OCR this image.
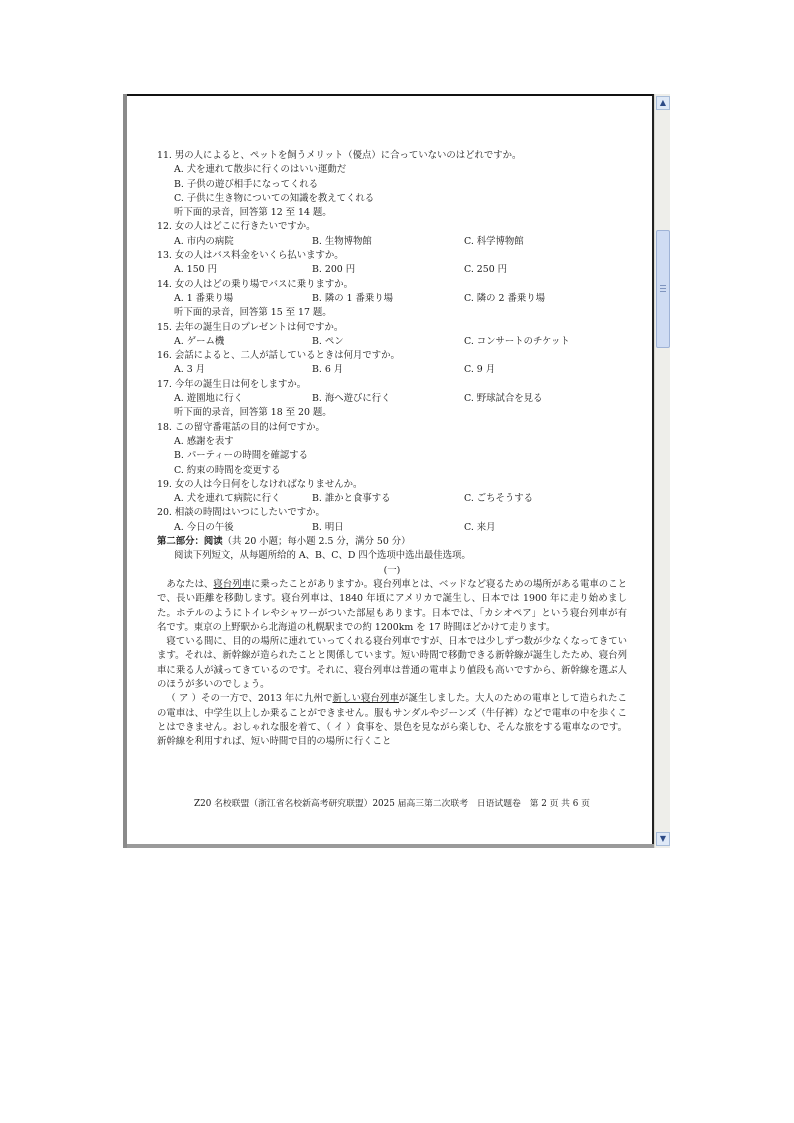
11. 男の人によると、ペットを飼うメリット（優点）に合っていないのはどれですか。
A. 犬を連れて散歩に行くのはいい運動だ
B. 子供の遊び相手になってくれる
C. 子供に生き物についての知識を教えてくれる
听下面的录音，回答第 12 至 14 题。
12. 女の人はどこに行きたいですか。
A. 市内の病院	B. 生物博物館	C. 科学博物館
13. 女の人はバス料金をいくら払いますか。
A. 150 円	B. 200 円	C. 250 円
14. 女の人はどの乗り場でバスに乗りますか。
A. 1 番乗り場	B. 隣の 1 番乗り場	C. 隣の 2 番乗り場
听下面的录音，回答第 15 至 17 题。
15. 去年の誕生日のプレゼントは何ですか。
A. ゲーム機	B. ペン	C. コンサートのチケット
16. 会話によると、二人が話しているときは何月ですか。
A. 3 月	B. 6 月	C. 9 月
17. 今年の誕生日は何をしますか。
A. 遊園地に行く	B. 海へ遊びに行く	C. 野球試合を見る
听下面的录音，回答第 18 至 20 题。
18. この留守番電話の目的は何ですか。
A. 感謝を表す
B. パーティーの時間を確認する
C. 約束の時間を変更する
19. 女の人は今日何をしなければなりませんか。
A. 犬を連れて病院に行く	B. 誰かと食事する	C. ごちそうする
20. 相談の時間はいつにしたいですか。
A. 今日の午後	B. 明日	C. 来月
第二部分：阅读（共 20 小题；每小题 2.5 分，满分 50 分）
阅读下列短文，从每题所给的 A、B、C、D 四个选项中选出最佳选项。
(一)
あなたは、寝台列車に乗ったことがありますか。寝台列車とは、ベッドなど寝るための場所がある電車のことで、長い距離を移動します。寝台列車は、1840 年頃にアメリカで誕生し、日本では 1900 年に走り始めました。ホテルのようにトイレやシャワーがついた部屋もあります。日本では、「カシオペア」という寝台列車が有名です。東京の上野駅から北海道の札幌駅までの約 1200km を 17 時間ほどかけて走ります。
寝ている間に、目的の場所に連れていってくれる寝台列車ですが、日本では少しずつ数が少なくなってきています。それは、新幹線が造られたことと関係しています。短い時間で移動できる新幹線が誕生したため、寝台列車に乗る人が減ってきているのです。それに、寝台列車は普通の電車より値段も高いですから、新幹線を選ぶ人のほうが多いのでしょう。
（ ア ）その一方で、2013 年に九州で新しい寝台列車が誕生しました。大人のための電車として造られたこの電車は、中学生以上しか乗ることができません。服もサンダルやジーンズ（牛仔裤）などで電車の中を歩くことはできません。おしゃれな服を着て、（ イ ）食事を、景色を見ながら楽しむ、そんな旅をする電車なのです。新幹線を利用すれば、短い時間で目的の場所に行くこと
Z20 名校联盟（浙江省名校新高考研究联盟）2025 届高三第二次联考　日语试题卷　第 2 页 共 6 页
▲
▼
